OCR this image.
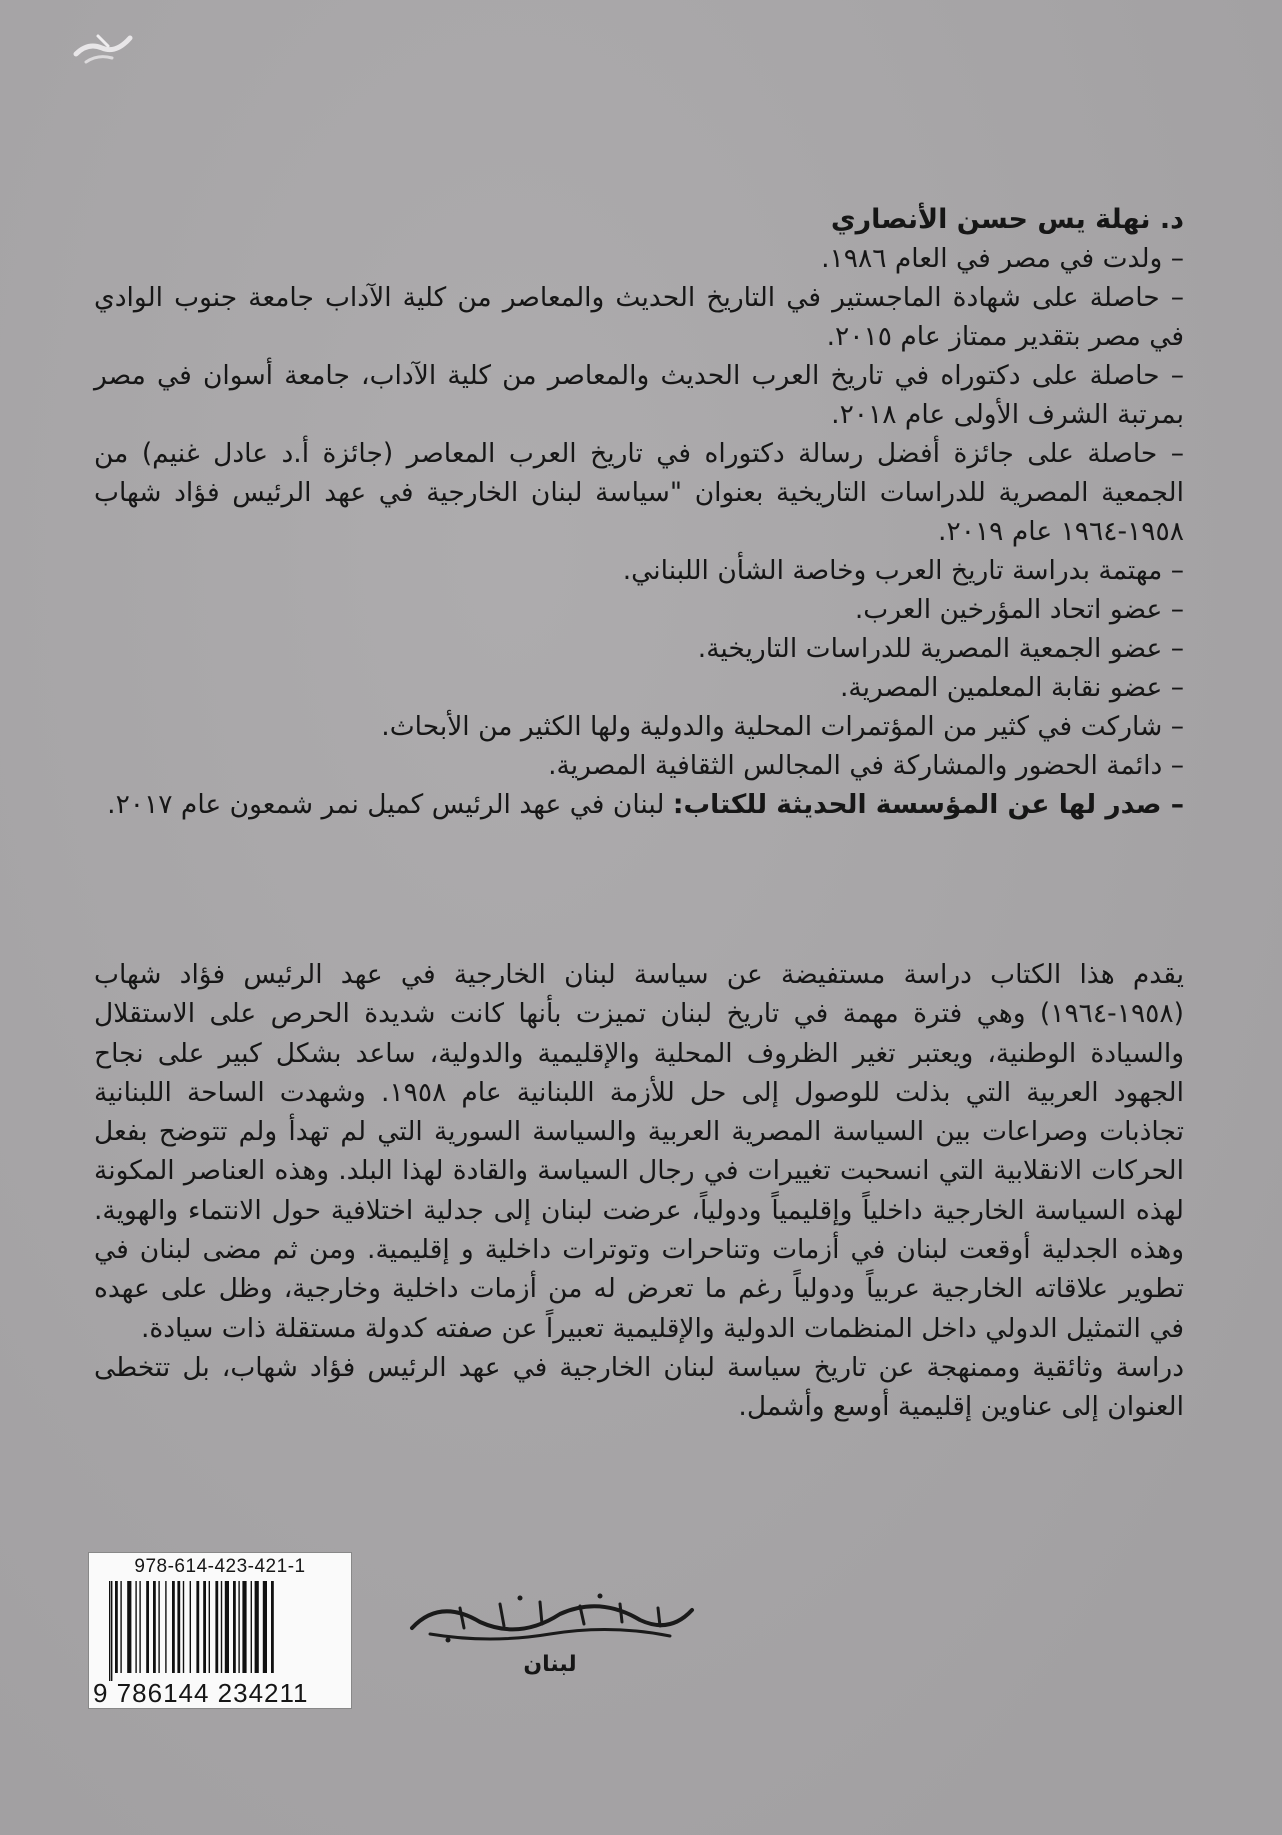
د. نهلة يس حسن الأنصاري

– ولدت في مصر في العام ١٩٨٦.

– حاصلة على شهادة الماجستير في التاريخ الحديث والمعاصر من كلية الآداب جامعة جنوب الوادي في مصر بتقدير ممتاز عام ٢٠١٥.

– حاصلة على دكتوراه في تاريخ العرب الحديث والمعاصر من كلية الآداب، جامعة أسوان في مصر بمرتبة الشرف الأولى عام ٢٠١٨.

– حاصلة على جائزة أفضل رسالة دكتوراه في تاريخ العرب المعاصر (جائزة أ.د عادل غنيم) من الجمعية المصرية للدراسات التاريخية بعنوان "سياسة لبنان الخارجية في عهد الرئيس فؤاد شهاب ١٩٥٨-١٩٦٤ عام ٢٠١٩.

– مهتمة بدراسة تاريخ العرب وخاصة الشأن اللبناني.

– عضو اتحاد المؤرخين العرب.

– عضو الجمعية المصرية للدراسات التاريخية.

– عضو نقابة المعلمين المصرية.

– شاركت في كثير من المؤتمرات المحلية والدولية ولها الكثير من الأبحاث.

– دائمة الحضور والمشاركة في المجالس الثقافية المصرية.

– صدر لها عن المؤسسة الحديثة للكتاب: لبنان في عهد الرئيس كميل نمر شمعون عام ٢٠١٧.

يقدم هذا الكتاب دراسة مستفيضة عن سياسة لبنان الخارجية في عهد الرئيس فؤاد شهاب (١٩٥٨-١٩٦٤) وهي فترة مهمة في تاريخ لبنان تميزت بأنها كانت شديدة الحرص على الاستقلال والسيادة الوطنية، ويعتبر تغير الظروف المحلية والإقليمية والدولية، ساعد بشكل كبير على نجاح الجهود العربية التي بذلت للوصول إلى حل للأزمة اللبنانية عام ١٩٥٨. وشهدت الساحة اللبنانية تجاذبات وصراعات بين السياسة المصرية العربية والسياسة السورية التي لم تهدأ ولم تتوضح بفعل الحركات الانقلابية التي انسحبت تغييرات في رجال السياسة والقادة لهذا البلد. وهذه العناصر المكونة لهذه السياسة الخارجية داخلياً وإقليمياً ودولياً، عرضت لبنان إلى جدلية اختلافية حول الانتماء والهوية. وهذه الجدلية أوقعت لبنان في أزمات وتناحرات وتوترات داخلية و إقليمية. ومن ثم مضى لبنان في تطوير علاقاته الخارجية عربياً ودولياً رغم ما تعرض له من أزمات داخلية وخارجية، وظل على عهده في التمثيل الدولي داخل المنظمات الدولية والإقليمية تعبيراً عن صفته كدولة مستقلة ذات سيادة.

دراسة وثائقية وممنهجة عن تاريخ سياسة لبنان الخارجية في عهد الرئيس فؤاد شهاب، بل تتخطى العنوان إلى عناوين إقليمية أوسع وأشمل.

978-614-423-421-1
9 786144 234211
لبنان
